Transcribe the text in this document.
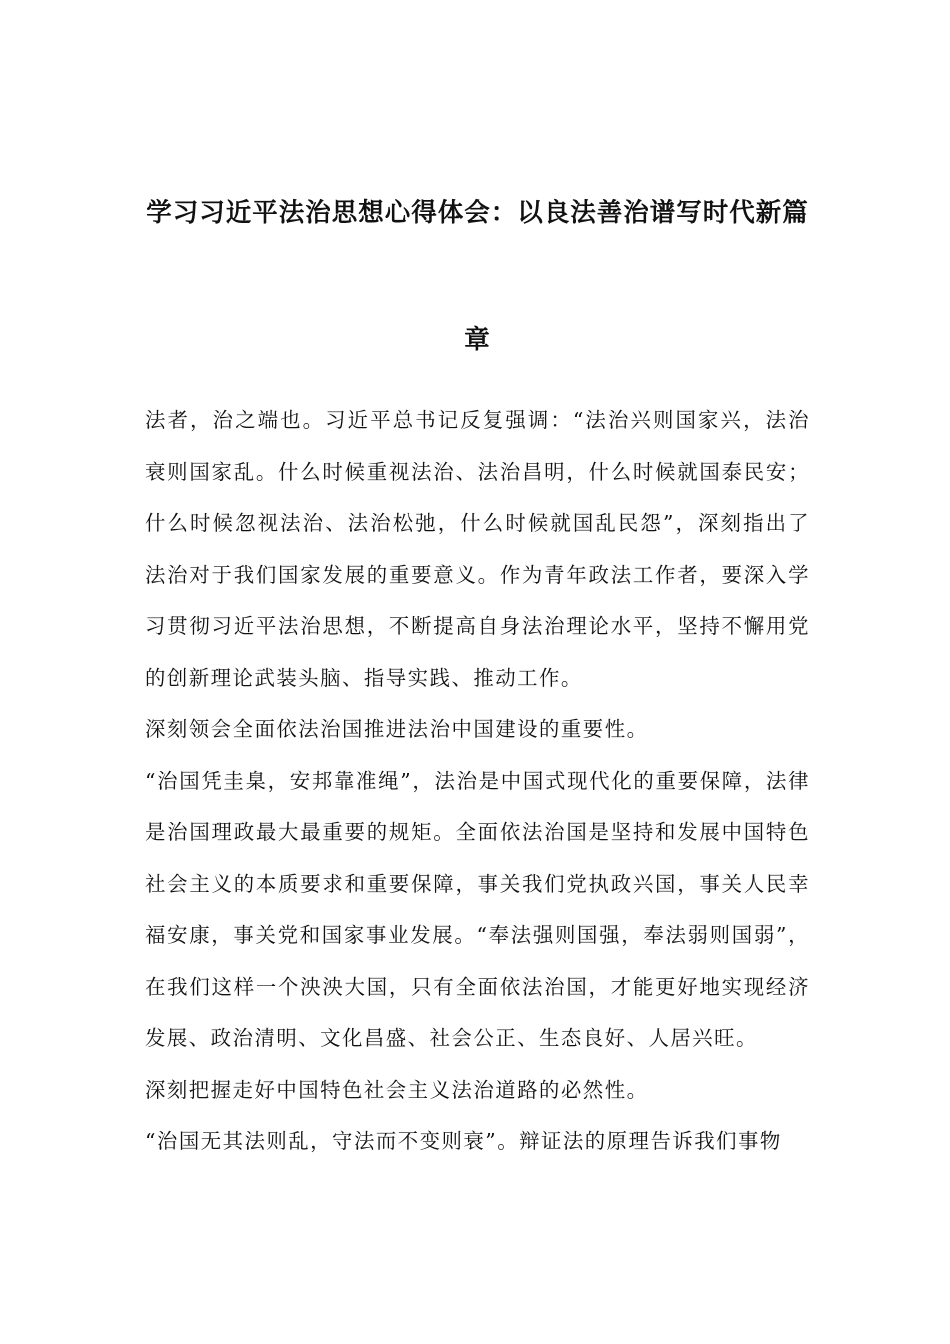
学习习近平法治思想心得体会：以良法善治谱写时代新篇章

法者，治之端也。习近平总书记反复强调：“法治兴则国家兴，法治衰则国家乱。什么时候重视法治、法治昌明，什么时候就国泰民安；什么时候忽视法治、法治松弛，什么时候就国乱民怨”，深刻指出了法治对于我们国家发展的重要意义。作为青年政法工作者，要深入学习贯彻习近平法治思想，不断提高自身法治理论水平，坚持不懈用党的创新理论武装头脑、指导实践、推动工作。

深刻领会全面依法治国推进法治中国建设的重要性。

“治国凭圭臬，安邦靠准绳”，法治是中国式现代化的重要保障，法律是治国理政最大最重要的规矩。全面依法治国是坚持和发展中国特色社会主义的本质要求和重要保障，事关我们党执政兴国，事关人民幸福安康，事关党和国家事业发展。“奉法强则国强，奉法弱则国弱”，在我们这样一个泱泱大国，只有全面依法治国，才能更好地实现经济发展、政治清明、文化昌盛、社会公正、生态良好、人居兴旺。

深刻把握走好中国特色社会主义法治道路的必然性。

“治国无其法则乱，守法而不变则衰”。辩证法的原理告诉我们事物
